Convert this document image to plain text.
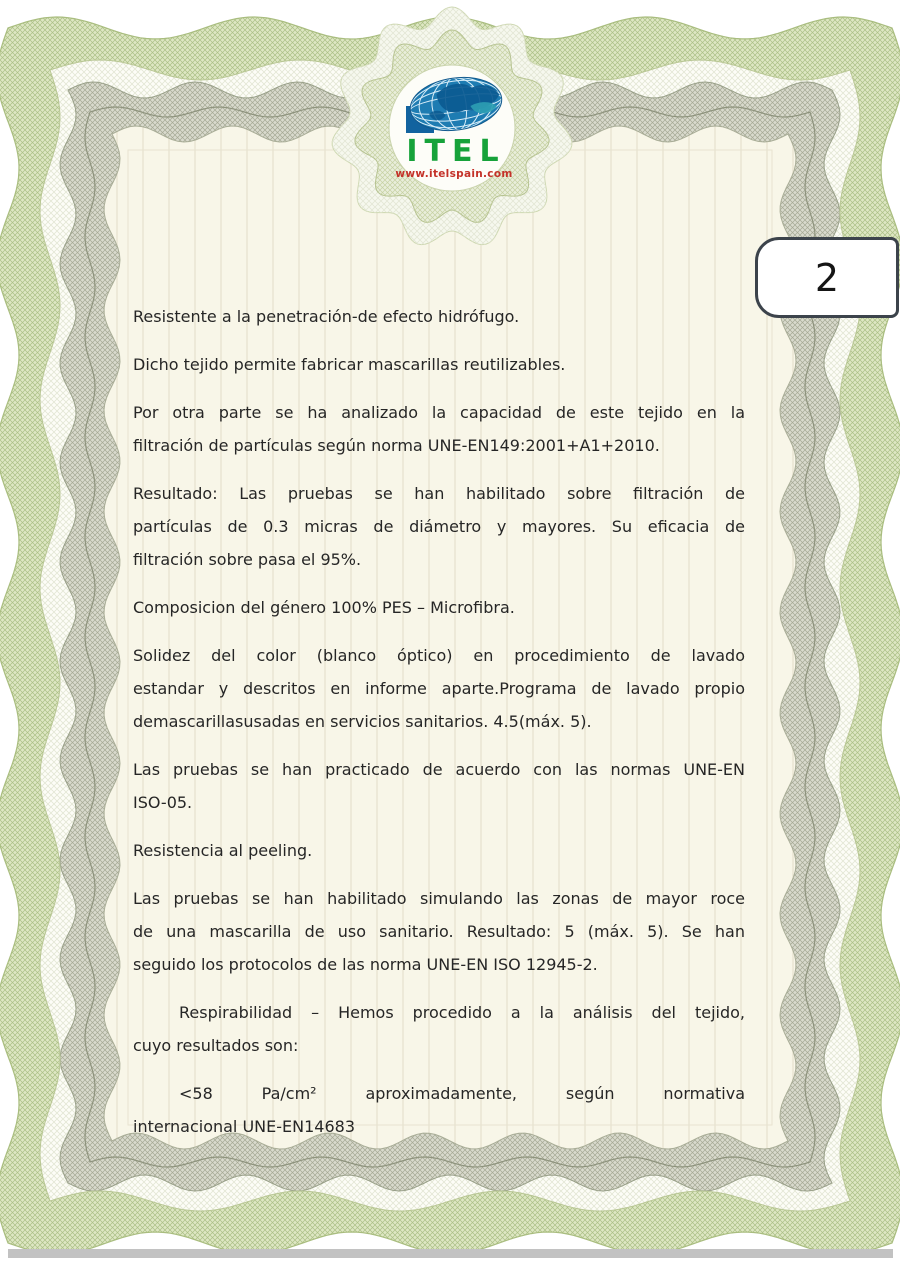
ITEL
www.itelspain.com
2
Resistente a la penetración-de efecto hidrófugo.
Dicho tejido permite fabricar mascarillas reutilizables.
Por otra parte se ha analizado la capacidad de este tejido en la
filtración de partículas según norma UNE-EN149:2001+A1+2010.
Resultado: Las pruebas se han habilitado sobre filtración de
partículas de 0.3 micras de diámetro y mayores. Su eficacia de
filtración sobre pasa el 95%.
Composicion del género 100% PES – Microfibra.
Solidez del color (blanco óptico) en procedimiento de lavado
estandar y descritos en informe aparte.Programa de lavado propio
demascarillasusadas en servicios sanitarios. 4.5(máx. 5).
Las pruebas se han practicado de acuerdo con las normas UNE-EN
ISO-05.
Resistencia al peeling.
Las pruebas se han habilitado simulando las zonas de mayor roce
de una mascarilla de uso sanitario. Resultado: 5 (máx. 5). Se han
seguido los protocolos de las norma UNE-EN ISO 12945-2.
Respirabilidad – Hemos procedido a la análisis del tejido,
cuyo resultados son:
<58 Pa/cm² aproximadamente, según normativa
internacional UNE-EN14683
